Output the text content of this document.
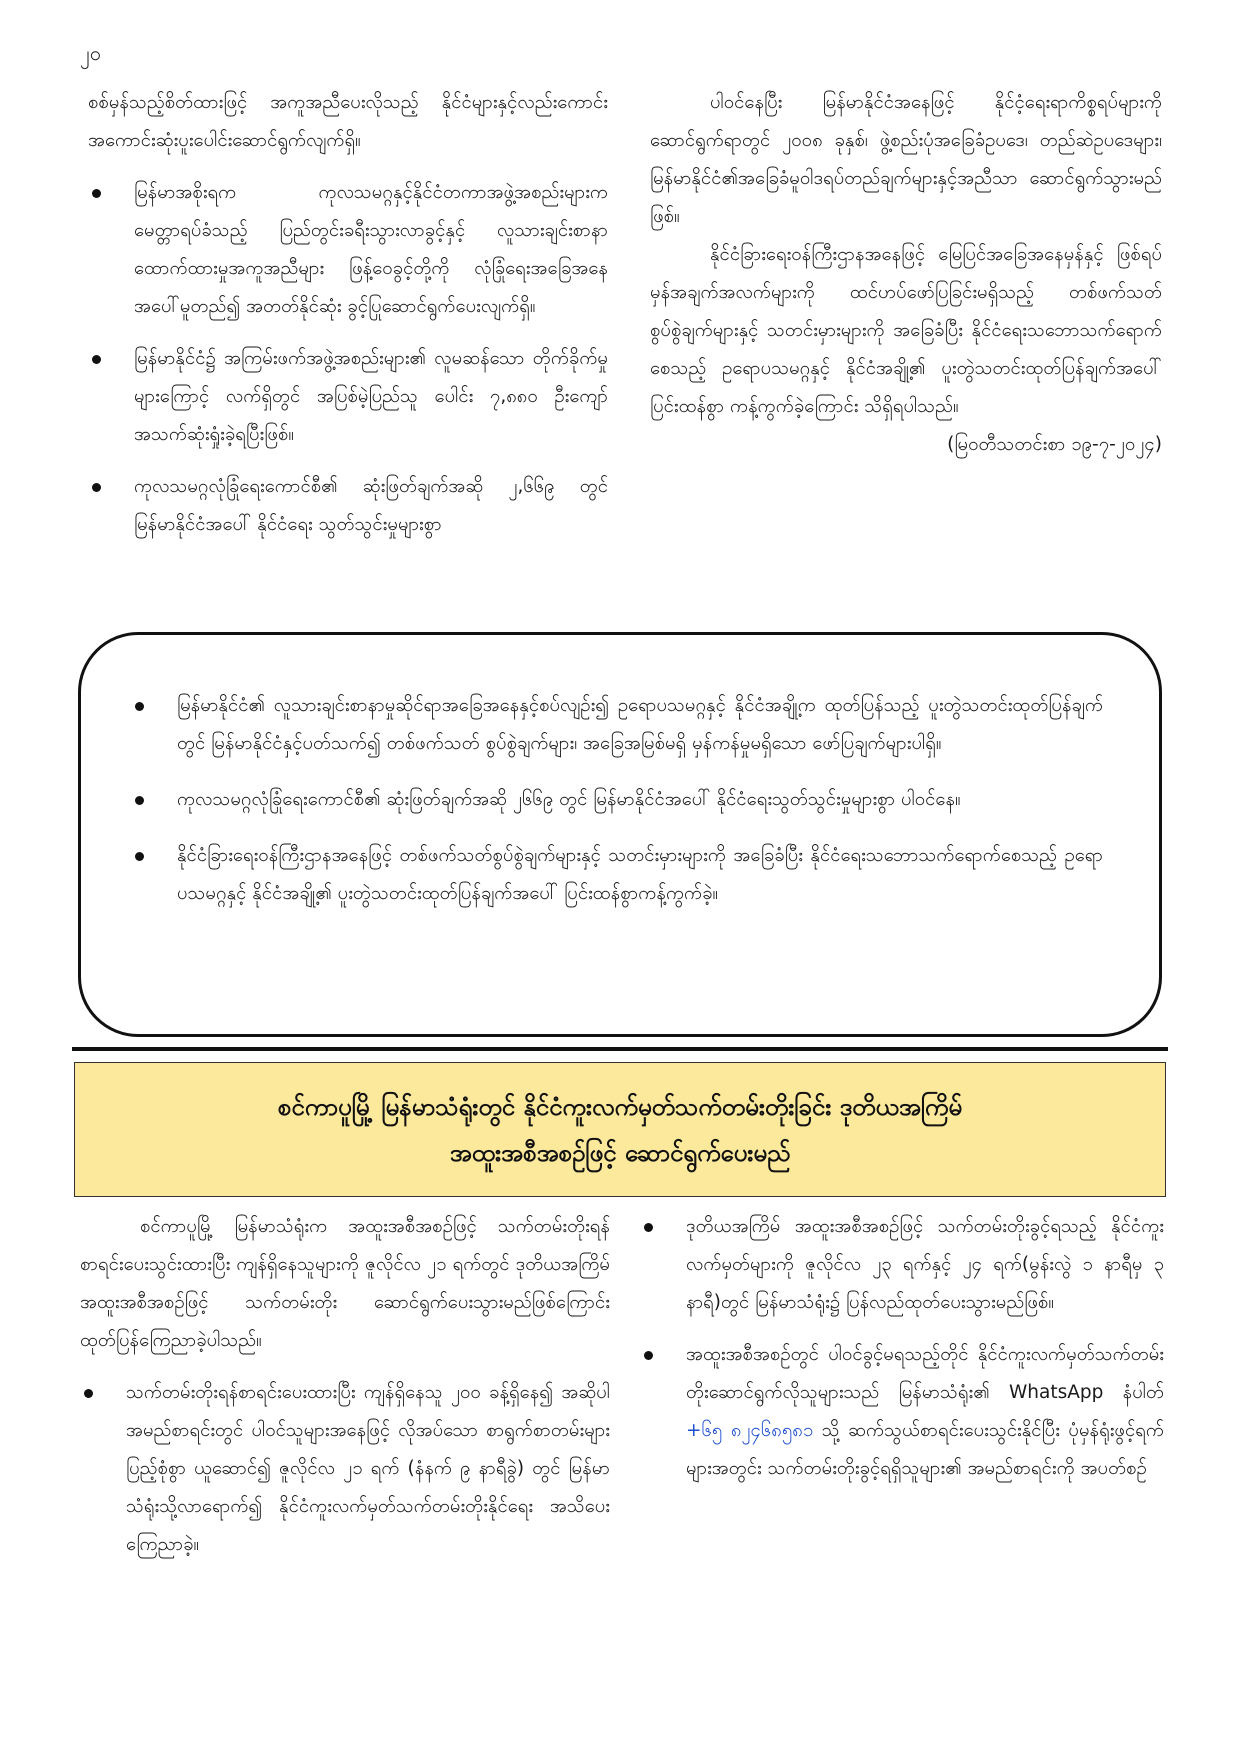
၂၀

စစ်မှန်သည့်စိတ်ထားဖြင့် အကူအညီပေးလိုသည့် နိုင်ငံများနှင့်လည်းကောင်း အကောင်းဆုံးပူးပေါင်းဆောင်ရွက်လျက်ရှိ။

မြန်မာအစိုးရက ကုလသမဂ္ဂနှင့်နိုင်ငံတကာအဖွဲ့အစည်းများက မေတ္တာရပ်ခံသည့် ပြည်တွင်းခရီးသွားလာခွင့်နှင့် လူသားချင်းစာနာထောက်ထားမှုအကူအညီများ ဖြန့်ဝေခွင့်တို့ကို လုံခြုံရေးအခြေအနေအပေါ်မူတည်၍ အတတ်နိုင်ဆုံး ခွင့်ပြုဆောင်ရွက်ပေးလျက်ရှိ။
မြန်မာနိုင်ငံ၌ အကြမ်းဖက်အဖွဲ့အစည်းများ၏ လူမဆန်သော တိုက်ခိုက်မှုများကြောင့် လက်ရှိတွင် အပြစ်မဲ့ပြည်သူ ပေါင်း ၇,၈၈၀ ဦးကျော် အသက်ဆုံးရှုံးခဲ့ရပြီးဖြစ်။
ကုလသမဂ္ဂလုံခြုံရေးကောင်စီ၏ ဆုံးဖြတ်ချက်အဆို ၂,၆၆၉ တွင် မြန်မာနိုင်ငံအပေါ် နိုင်ငံရေး သွတ်သွင်းမှုများစွာ

ပါဝင်နေပြီး မြန်မာနိုင်ငံအနေဖြင့် နိုင်ငံ့ရေးရာကိစ္စရပ်များကို ဆောင်ရွက်ရာတွင် ၂၀၀၈ ခုနှစ်၊ ဖွဲ့စည်းပုံအခြေခံဥပဒေ၊ တည်ဆဲဥပဒေများ၊ မြန်မာနိုင်ငံ၏အခြေခံမူဝါဒရပ်တည်ချက်များနှင့်အညီသာ ဆောင်ရွက်သွားမည်ဖြစ်။

နိုင်ငံခြားရေးဝန်ကြီးဌာနအနေဖြင့် မြေပြင်အခြေအနေမှန်နှင့် ဖြစ်ရပ်မှန်အချက်အလက်များကို ထင်ဟပ်ဖော်ပြခြင်းမရှိသည့် တစ်ဖက်သတ်စွပ်စွဲချက်များနှင့် သတင်းမှားများကို အခြေခံပြီး နိုင်ငံရေးသဘောသက်ရောက်စေသည့် ဥရောပသမဂ္ဂနှင့် နိုင်ငံအချို့၏ ပူးတွဲသတင်းထုတ်ပြန်ချက်အပေါ် ပြင်းထန်စွာ ကန့်ကွက်ခဲ့ကြောင်း သိရှိရပါသည်။

(မြဝတီသတင်းစာ ၁၉-၇-၂၀၂၄)

မြန်မာနိုင်ငံ၏ လူသားချင်းစာနာမှုဆိုင်ရာအခြေအနေနှင့်စပ်လျဉ်း၍ ဥရောပသမဂ္ဂနှင့် နိုင်ငံအချို့က ထုတ်ပြန်သည့် ပူးတွဲသတင်းထုတ်ပြန်ချက်တွင် မြန်မာနိုင်ငံနှင့်ပတ်သက်၍ တစ်ဖက်သတ် စွပ်စွဲချက်များ၊ အခြေအမြစ်မရှိ မှန်ကန်မှုမရှိသော ဖော်ပြချက်များပါရှိ။
ကုလသမဂ္ဂလုံခြုံရေးကောင်စီ၏ ဆုံးဖြတ်ချက်အဆို ၂၆၆၉ တွင် မြန်မာနိုင်ငံအပေါ် နိုင်ငံရေးသွတ်သွင်းမှုများစွာ ပါဝင်နေ။
နိုင်ငံခြားရေးဝန်ကြီးဌာနအနေဖြင့် တစ်ဖက်သတ်စွပ်စွဲချက်များနှင့် သတင်းမှားများကို အခြေခံပြီး နိုင်ငံရေးသဘောသက်ရောက်စေသည့် ဥရောပသမဂ္ဂနှင့် နိုင်ငံအချို့၏ ပူးတွဲသတင်းထုတ်ပြန်ချက်အပေါ် ပြင်းထန်စွာကန့်ကွက်ခဲ့။
စင်ကာပူမြို့ မြန်မာသံရုံးတွင် နိုင်ငံကူးလက်မှတ်သက်တမ်းတိုးခြင်း ဒုတိယအကြိမ်
အထူးအစီအစဉ်ဖြင့် ဆောင်ရွက်ပေးမည်

စင်ကာပူမြို့ မြန်မာသံရုံးက အထူးအစီအစဉ်ဖြင့် သက်တမ်းတိုးရန် စာရင်းပေးသွင်းထားပြီး ကျန်ရှိနေသူများကို ဇူလိုင်လ ၂၁ ရက်တွင် ဒုတိယအကြိမ် အထူးအစီအစဉ်ဖြင့် သက်တမ်းတိုး ဆောင်ရွက်ပေးသွားမည်ဖြစ်ကြောင်း ထုတ်ပြန်ကြေညာခဲ့ပါသည်။

သက်တမ်းတိုးရန်စာရင်းပေးထားပြီး ကျန်ရှိနေသူ ၂၀၀ ခန့်ရှိနေ၍ အဆိုပါအမည်စာရင်းတွင် ပါဝင်သူများအနေဖြင့် လိုအပ်သော စာရွက်စာတမ်းများ ပြည့်စုံစွာ ယူဆောင်၍ ဇူလိုင်လ ၂၁ ရက် (နံနက် ၉ နာရီခွဲ) တွင် မြန်မာသံရုံးသို့လာရောက်၍ နိုင်ငံကူးလက်မှတ်သက်တမ်းတိုးနိုင်ရေး အသိပေးကြေညာခဲ့။
ဒုတိယအကြိမ် အထူးအစီအစဉ်ဖြင့် သက်တမ်းတိုးခွင့်ရသည့် နိုင်ငံကူးလက်မှတ်များကို ဇူလိုင်လ ၂၃ ရက်နှင့် ၂၄ ရက်(မွန်းလွဲ ၁ နာရီမှ ၃ နာရီ)တွင် မြန်မာသံရုံး၌ ပြန်လည်ထုတ်ပေးသွားမည်ဖြစ်။
အထူးအစီအစဉ်တွင် ပါဝင်ခွင့်မရသည့်တိုင် နိုင်ငံကူးလက်မှတ်သက်တမ်းတိုးဆောင်ရွက်လိုသူများသည် မြန်မာသံရုံး၏ WhatsApp နံပါတ် +၆၅ ၈၂၄၆၈၅၈၁ သို့ ဆက်သွယ်စာရင်းပေးသွင်းနိုင်ပြီး ပုံမှန်ရုံးဖွင့်ရက်များအတွင်း သက်တမ်းတိုးခွင့်ရရှိသူများ၏ အမည်စာရင်းကို အပတ်စဉ်
